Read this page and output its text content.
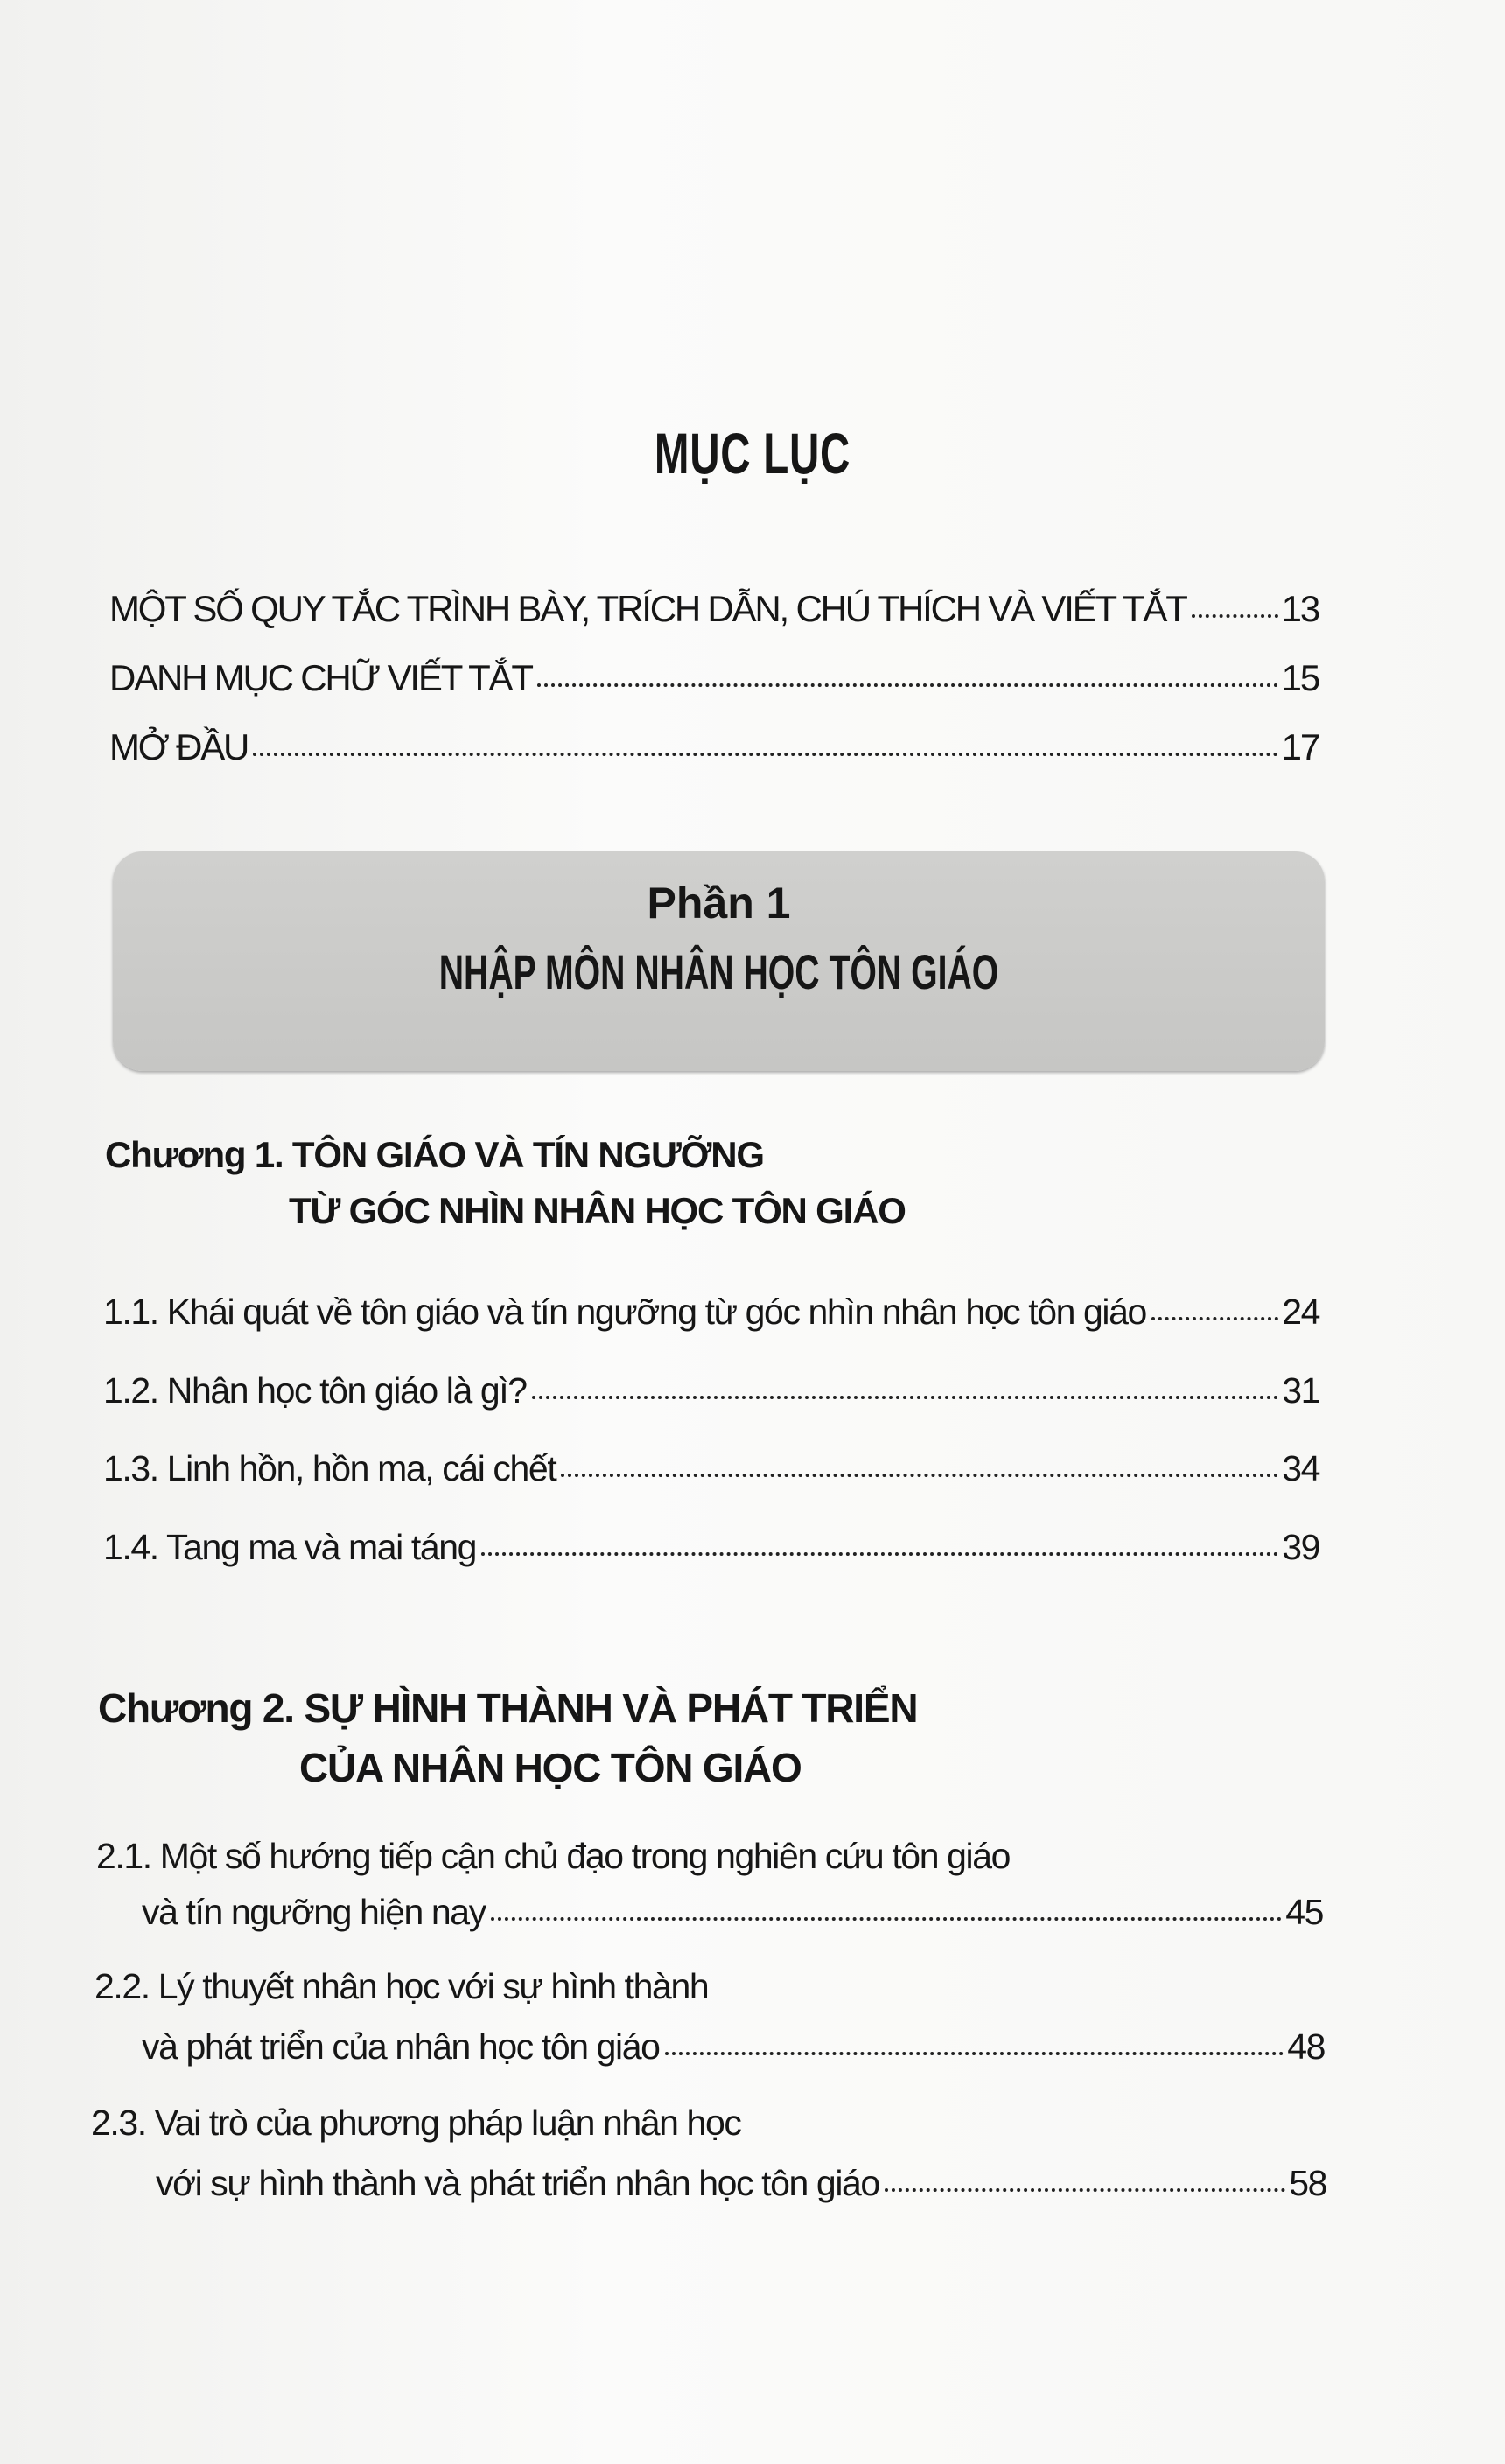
MỤC LỤC
MỘT SỐ QUY TẮC TRÌNH BÀY, TRÍCH DẪN, CHÚ THÍCH VÀ VIẾT TẮT	13
DANH MỤC CHỮ VIẾT TẮT	15
MỞ ĐẦU	17
Phần 1
NHẬP MÔN NHÂN HỌC TÔN GIÁO
Chương 1. TÔN GIÁO VÀ TÍN NGƯỠNG
TỪ GÓC NHÌN NHÂN HỌC TÔN GIÁO
1.1. Khái quát về tôn giáo và tín ngưỡng từ góc nhìn nhân học tôn giáo	24
1.2. Nhân học tôn giáo là gì?	31
1.3. Linh hồn, hồn ma, cái chết	34
1.4. Tang ma và mai táng	39
Chương 2. SỰ HÌNH THÀNH VÀ PHÁT TRIỂN
CỦA NHÂN HỌC TÔN GIÁO
2.1. Một số hướng tiếp cận chủ đạo trong nghiên cứu tôn giáo
và tín ngưỡng hiện nay	45
2.2. Lý thuyết nhân học với sự hình thành
và phát triển của nhân học tôn giáo	48
2.3. Vai trò của phương pháp luận nhân học
với sự hình thành và phát triển nhân học tôn giáo	58
